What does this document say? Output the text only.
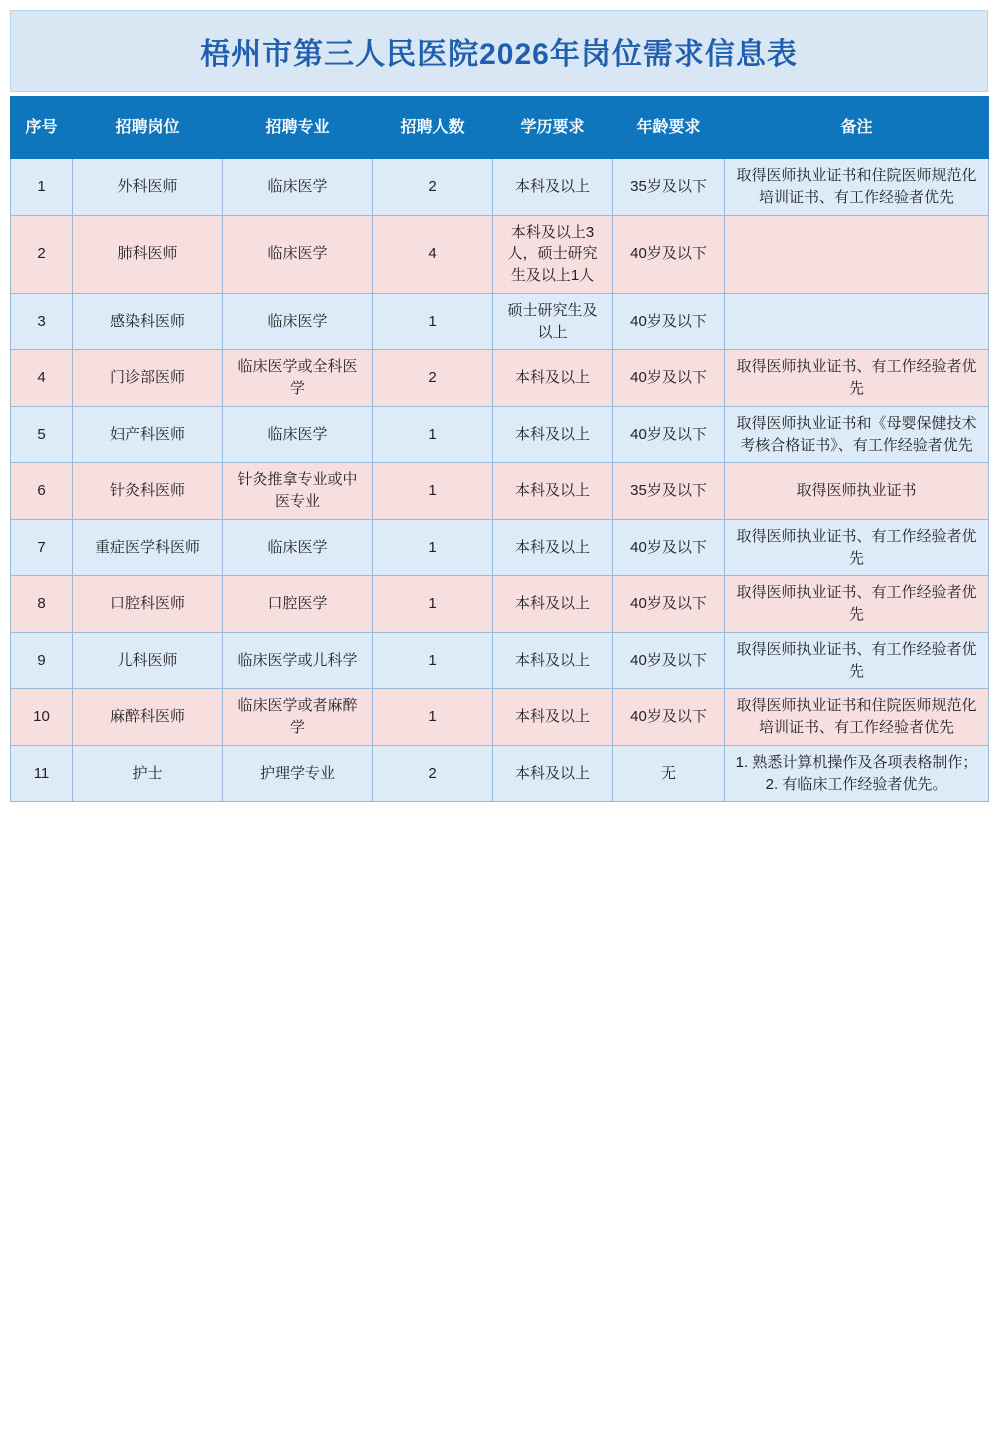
梧州市第三人民医院2026年岗位需求信息表
序号	招聘岗位	招聘专业	招聘人数	学历要求	年龄要求	备注
1	外科医师	临床医学	2	本科及以上	35岁及以下	取得医师执业证书和住院医师规范化培训证书、有工作经验者优先

2	肺科医师	临床医学	4	本科及以上3人，硕士研究生及以上1人	40岁及以下	

3	感染科医师	临床医学	1	硕士研究生及以上	40岁及以下	

4	门诊部医师	临床医学或全科医学	2	本科及以上	40岁及以下	取得医师执业证书、有工作经验者优先

5	妇产科医师	临床医学	1	本科及以上	40岁及以下	取得医师执业证书和《母婴保健技术考核合格证书》、有工作经验者优先

6	针灸科医师	针灸推拿专业或中医专业	1	本科及以上	35岁及以下	取得医师执业证书

7	重症医学科医师	临床医学	1	本科及以上	40岁及以下	取得医师执业证书、有工作经验者优先

8	口腔科医师	口腔医学	1	本科及以上	40岁及以下	取得医师执业证书、有工作经验者优先

9	儿科医师	临床医学或儿科学	1	本科及以上	40岁及以下	取得医师执业证书、有工作经验者优先

10	麻醉科医师	临床医学或者麻醉学	1	本科及以上	40岁及以下	取得医师执业证书和住院医师规范化培训证书、有工作经验者优先

11	护士	护理学专业	2	本科及以上	无	1. 熟悉计算机操作及各项表格制作；
2. 有临床工作经验者优先。
